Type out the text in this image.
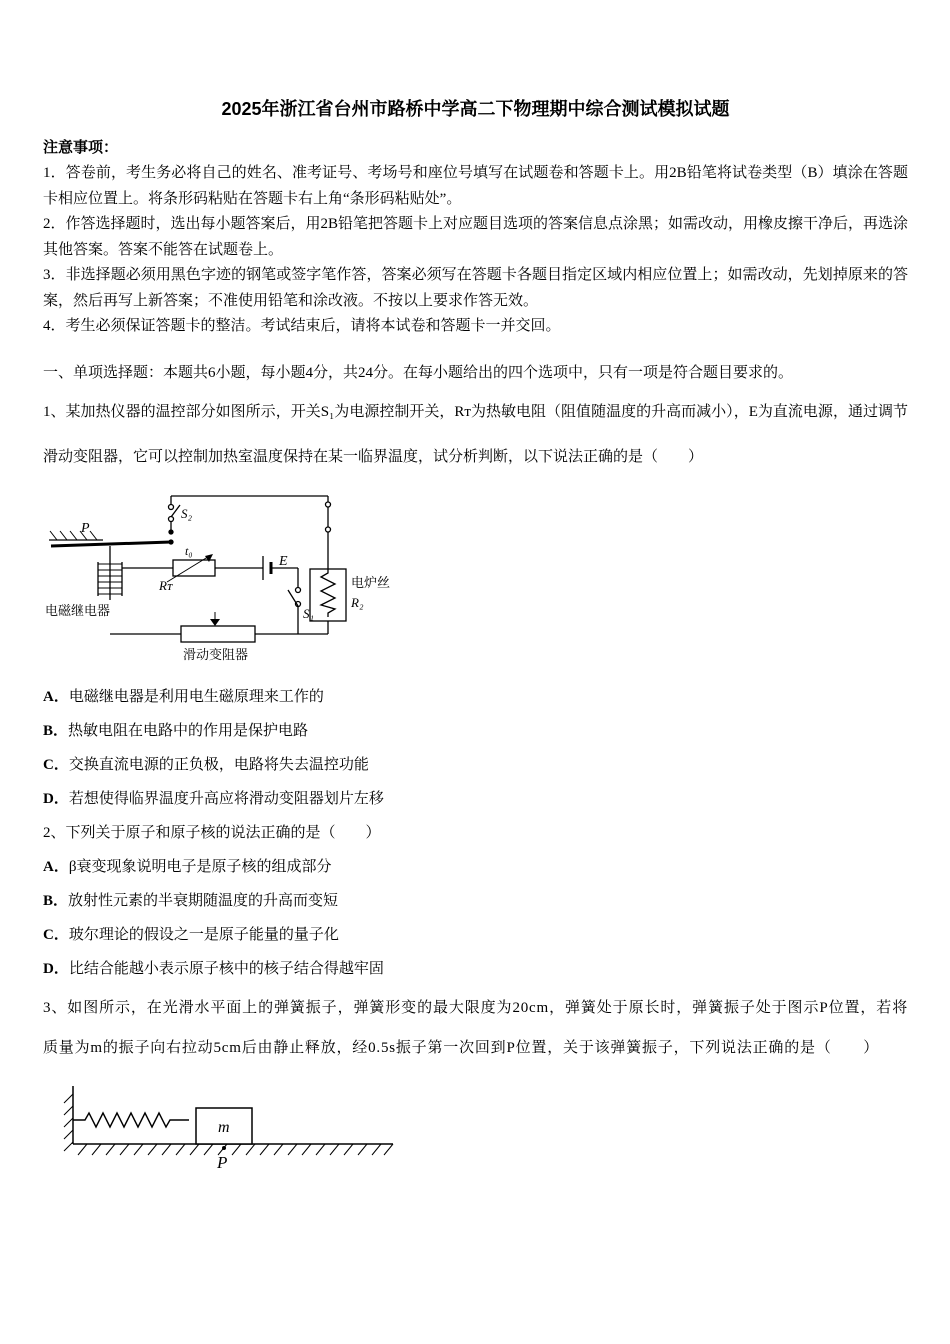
2025年浙江省台州市路桥中学高二下物理期中综合测试模拟试题

注意事项：

1．答卷前，考生务必将自己的姓名、准考证号、考场号和座位号填写在试题卷和答题卡上。用2B铅笔将试卷类型（B）填涂在答题卡相应位置上。将条形码粘贴在答题卡右上角“条形码粘贴处”。

2．作答选择题时，选出每小题答案后，用2B铅笔把答题卡上对应题目选项的答案信息点涂黑；如需改动，用橡皮擦干净后，再选涂其他答案。答案不能答在试题卷上。

3．非选择题必须用黑色字迹的钢笔或签字笔作答，答案必须写在答题卡各题目指定区域内相应位置上；如需改动，先划掉原来的答案，然后再写上新答案；不准使用铅笔和涂改液。不按以上要求作答无效。

4．考生必须保证答题卡的整洁。考试结束后，请将本试卷和答题卡一并交回。

一、单项选择题：本题共6小题，每小题4分，共24分。在每小题给出的四个选项中，只有一项是符合题目要求的。

1、某加热仪器的温控部分如图所示，开关S₁为电源控制开关，Rᴛ为热敏电阻（阻值随温度的升高而减小），E为直流电源，通过调节滑动变阻器，它可以控制加热室温度保持在某一临界温度，试分析判断，以下说法正确的是（　　）

P
S₂
t₀
Rᴛ
E
S₁
电炉丝
R₂
电磁继电器
滑动变阻器

A．电磁继电器是利用电生磁原理来工作的

B．热敏电阻在电路中的作用是保护电路

C．交换直流电源的正负极，电路将失去温控功能

D．若想使得临界温度升高应将滑动变阻器划片左移

2、下列关于原子和原子核的说法正确的是（　　）

A．β衰变现象说明电子是原子核的组成部分

B．放射性元素的半衰期随温度的升高而变短

C．玻尔理论的假设之一是原子能量的量子化

D．比结合能越小表示原子核中的核子结合得越牢固

3、如图所示，在光滑水平面上的弹簧振子，弹簧形变的最大限度为20cm，弹簧处于原长时，弹簧振子处于图示P位置，若将质量为m的振子向右拉动5cm后由静止释放，经0.5s振子第一次回到P位置，关于该弹簧振子，下列说法正确的是（　　）

m
P
